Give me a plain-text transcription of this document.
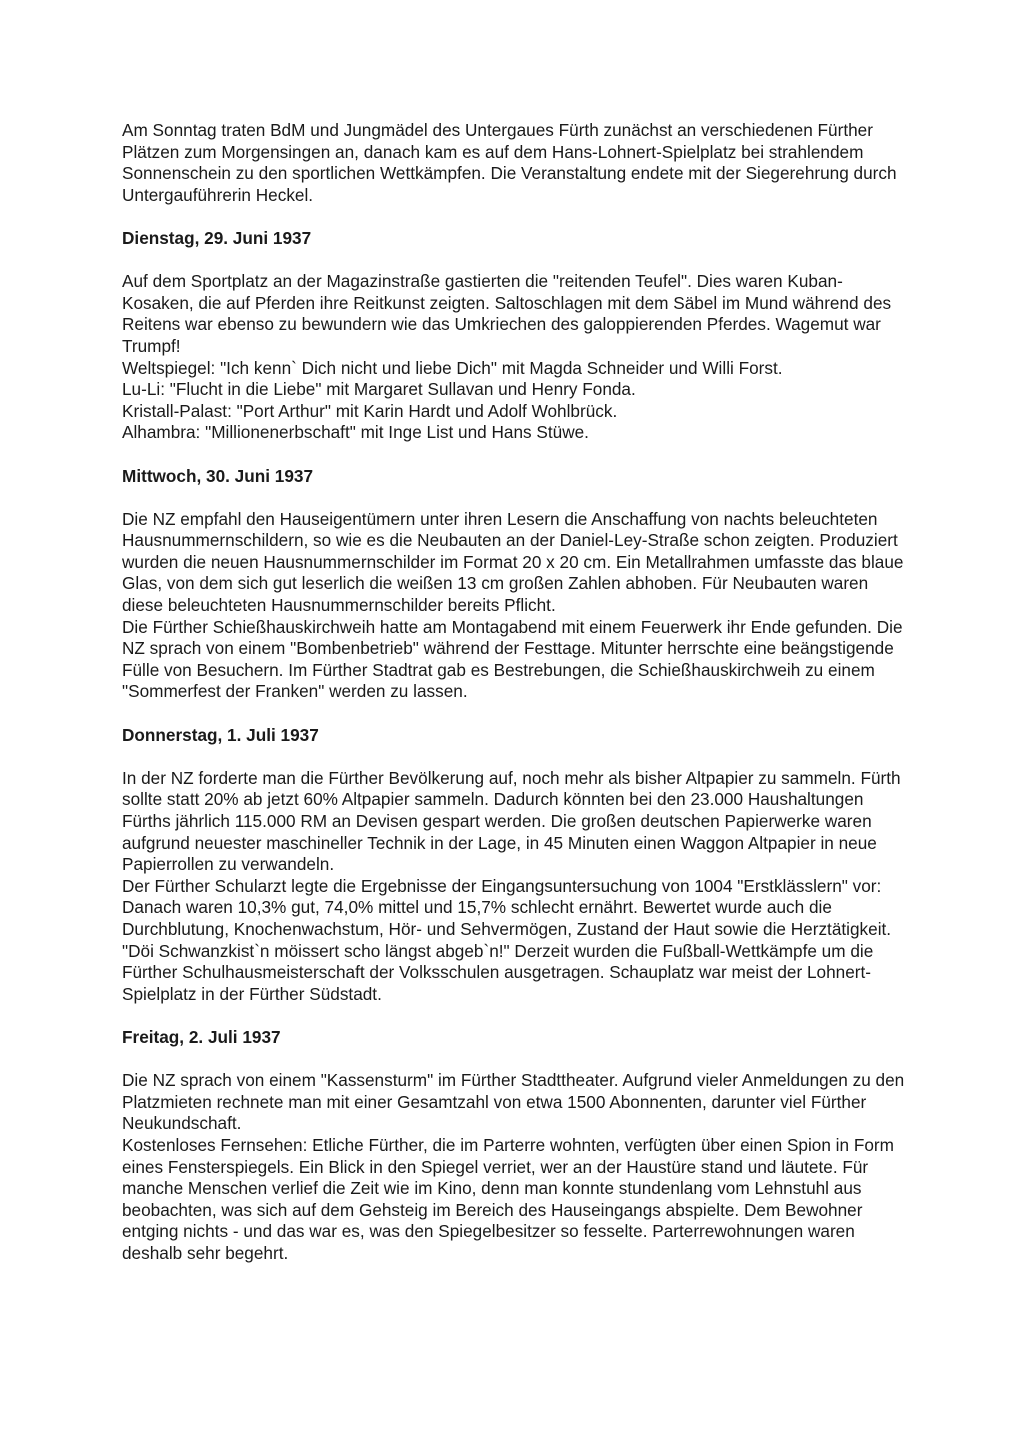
Am Sonntag traten BdM und Jungmädel des Untergaues Fürth zunächst an verschiedenen Fürther Plätzen zum Morgensingen an, danach kam es auf dem Hans-Lohnert-Spielplatz bei strahlendem Sonnenschein zu den sportlichen Wettkämpfen. Die Veranstaltung endete mit der Siegerehrung durch Untergauführerin Heckel.

Dienstag, 29. Juni 1937

Auf dem Sportplatz an der Magazinstraße gastierten die "reitenden Teufel". Dies waren Kuban-Kosaken, die auf Pferden ihre Reitkunst zeigten. Saltoschlagen mit dem Säbel im Mund während des Reitens war ebenso zu bewundern wie das Umkriechen des galoppierenden Pferdes. Wagemut war Trumpf!

Weltspiegel: "Ich kenn` Dich nicht und liebe Dich" mit Magda Schneider und Willi Forst.

Lu-Li: "Flucht in die Liebe" mit Margaret Sullavan und Henry Fonda.

Kristall-Palast: "Port Arthur" mit Karin Hardt und Adolf Wohlbrück.

Alhambra: "Millionenerbschaft" mit Inge List und Hans Stüwe.

Mittwoch, 30. Juni 1937

Die NZ empfahl den Hauseigentümern unter ihren Lesern die Anschaffung von nachts beleuchteten Hausnummernschildern, so wie es die Neubauten an der Daniel-Ley-Straße schon zeigten. Produziert wurden die neuen Hausnummernschilder im Format 20 x 20 cm. Ein Metallrahmen umfasste das blaue Glas, von dem sich gut leserlich die weißen 13 cm großen Zahlen abhoben. Für Neubauten waren diese beleuchteten Hausnummernschilder bereits Pflicht.

Die Fürther Schießhauskirchweih hatte am Montagabend mit einem Feuerwerk ihr Ende gefunden. Die NZ sprach von einem "Bombenbetrieb" während der Festtage. Mitunter herrschte eine beängstigende Fülle von Besuchern. Im Fürther Stadtrat gab es Bestrebungen, die Schießhauskirchweih zu einem "Sommerfest der Franken" werden zu lassen.

Donnerstag, 1. Juli 1937

In der NZ forderte man die Fürther Bevölkerung auf, noch mehr als bisher Altpapier zu sammeln. Fürth sollte statt 20% ab jetzt 60% Altpapier sammeln. Dadurch könnten bei den 23.000 Haushaltungen Fürths jährlich 115.000 RM an Devisen gespart werden. Die großen deutschen Papierwerke waren aufgrund neuester maschineller Technik in der Lage, in 45 Minuten einen Waggon Altpapier in neue Papierrollen zu verwandeln.

Der Fürther Schularzt legte die Ergebnisse der Eingangsuntersuchung von 1004 "Erstklässlern" vor: Danach waren 10,3% gut, 74,0% mittel und 15,7% schlecht ernährt. Bewertet wurde auch die Durchblutung, Knochenwachstum, Hör- und Sehvermögen, Zustand der Haut sowie die Herztätigkeit.

"Döi Schwanzkist`n möissert scho längst abgeb`n!" Derzeit wurden die Fußball-Wettkämpfe um die Fürther Schulhausmeisterschaft der Volksschulen ausgetragen. Schauplatz war meist der Lohnert-Spielplatz in der Fürther Südstadt.

Freitag, 2. Juli 1937

Die NZ sprach von einem "Kassensturm" im Fürther Stadttheater. Aufgrund vieler Anmeldungen zu den Platzmieten rechnete man mit einer Gesamtzahl von etwa 1500 Abonnenten, darunter viel Fürther Neukundschaft.

Kostenloses Fernsehen: Etliche Fürther, die im Parterre wohnten, verfügten über einen Spion in Form eines Fensterspiegels. Ein Blick in den Spiegel verriet, wer an der Haustüre stand und läutete. Für manche Menschen verlief die Zeit wie im Kino, denn man konnte stundenlang vom Lehnstuhl aus beobachten, was sich auf dem Gehsteig im Bereich des Hauseingangs abspielte. Dem Bewohner entging nichts - und das war es, was den Spiegelbesitzer so fesselte. Parterrewohnungen waren deshalb sehr begehrt.
